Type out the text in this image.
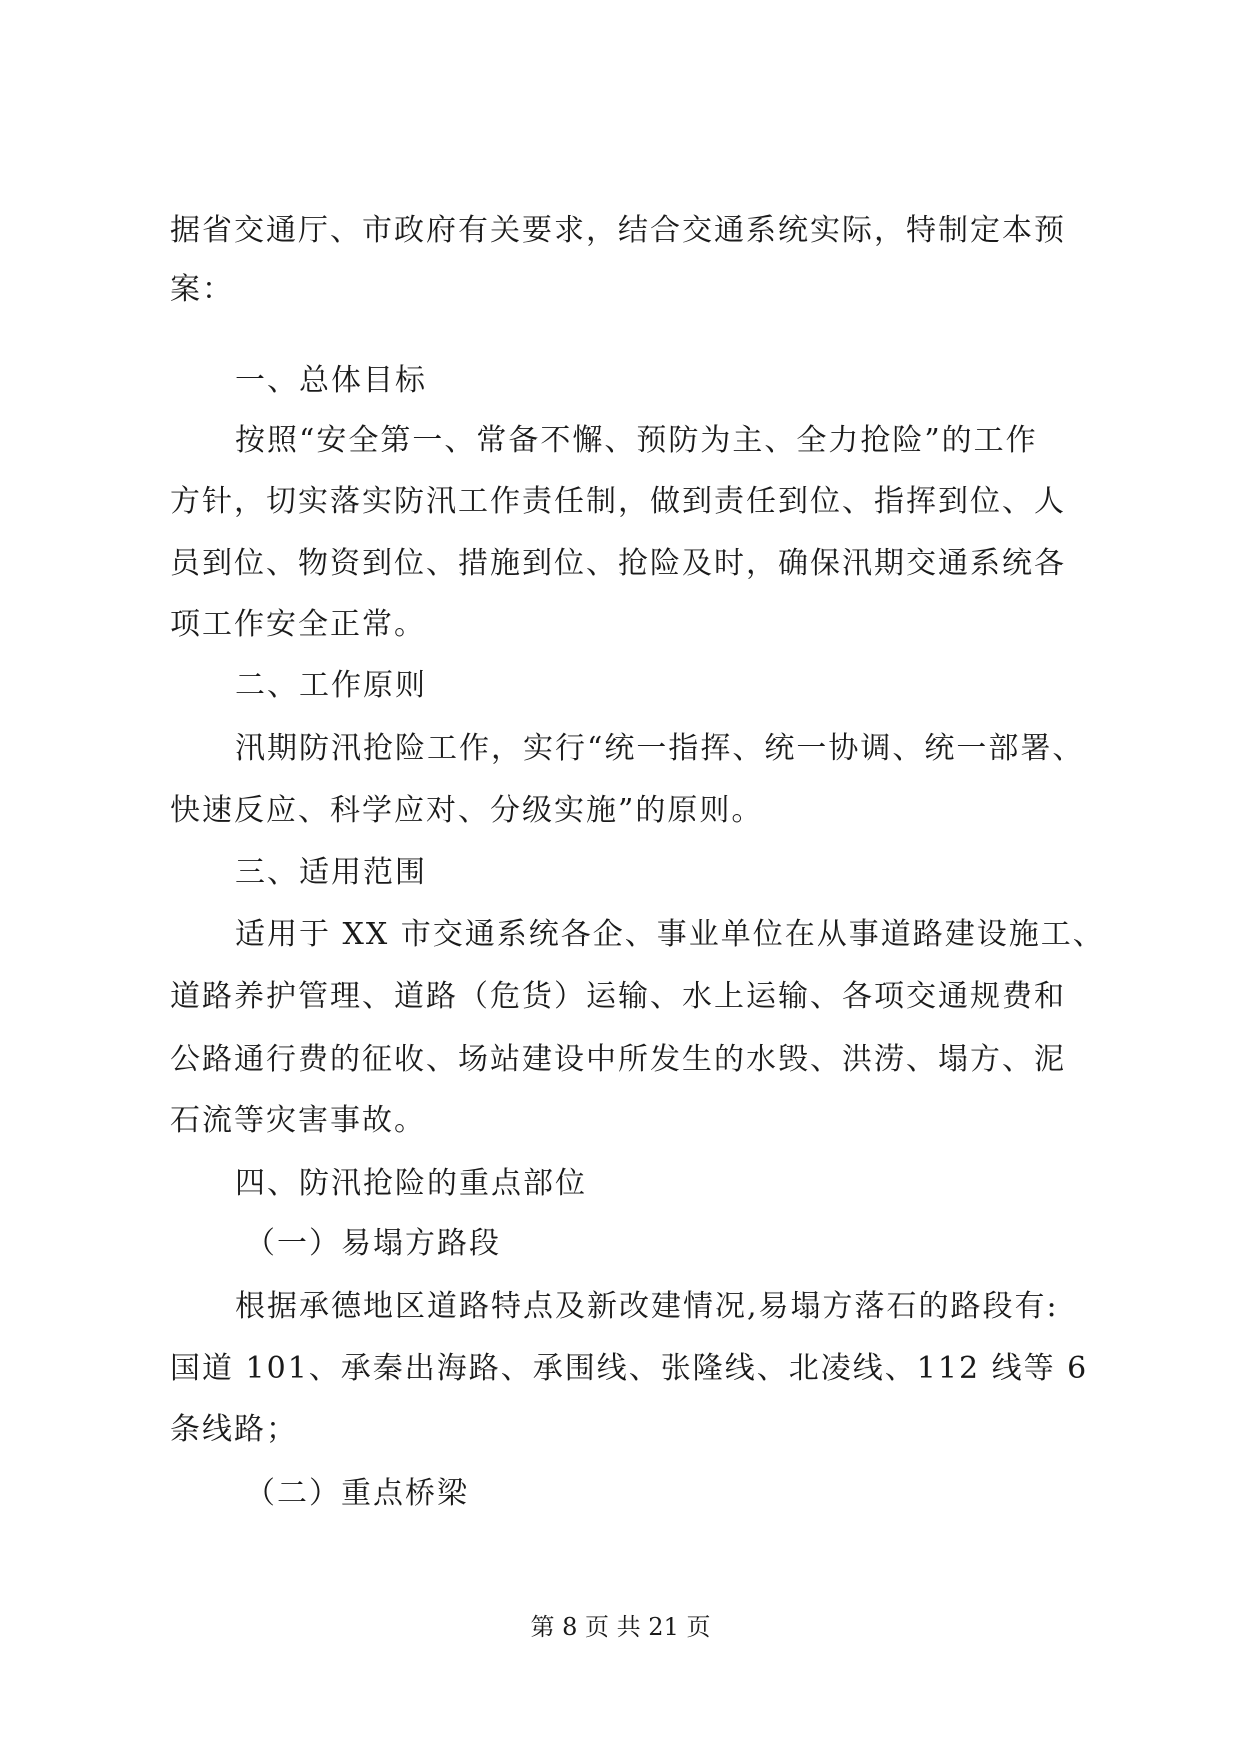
据省交通厅、市政府有关要求，结合交通系统实际，特制定本预
案：
一、总体目标
按照“安全第一、常备不懈、预防为主、全力抢险”的工作
方针，切实落实防汛工作责任制，做到责任到位、指挥到位、人
员到位、物资到位、措施到位、抢险及时，确保汛期交通系统各
项工作安全正常。
二、工作原则
汛期防汛抢险工作，实行“统一指挥、统一协调、统一部署、
快速反应、科学应对、分级实施”的原则。
三、适用范围
适用于 XX 市交通系统各企、事业单位在从事道路建设施工、
道路养护管理、道路（危货）运输、水上运输、各项交通规费和
公路通行费的征收、场站建设中所发生的水毁、洪涝、塌方、泥
石流等灾害事故。
四、防汛抢险的重点部位
（一）易塌方路段
根据承德地区道路特点及新改建情况,易塌方落石的路段有:
国道 101、承秦出海路、承围线、张隆线、北凌线、112 线等 6
条线路；
（二）重点桥梁
第 8 页 共 21 页
